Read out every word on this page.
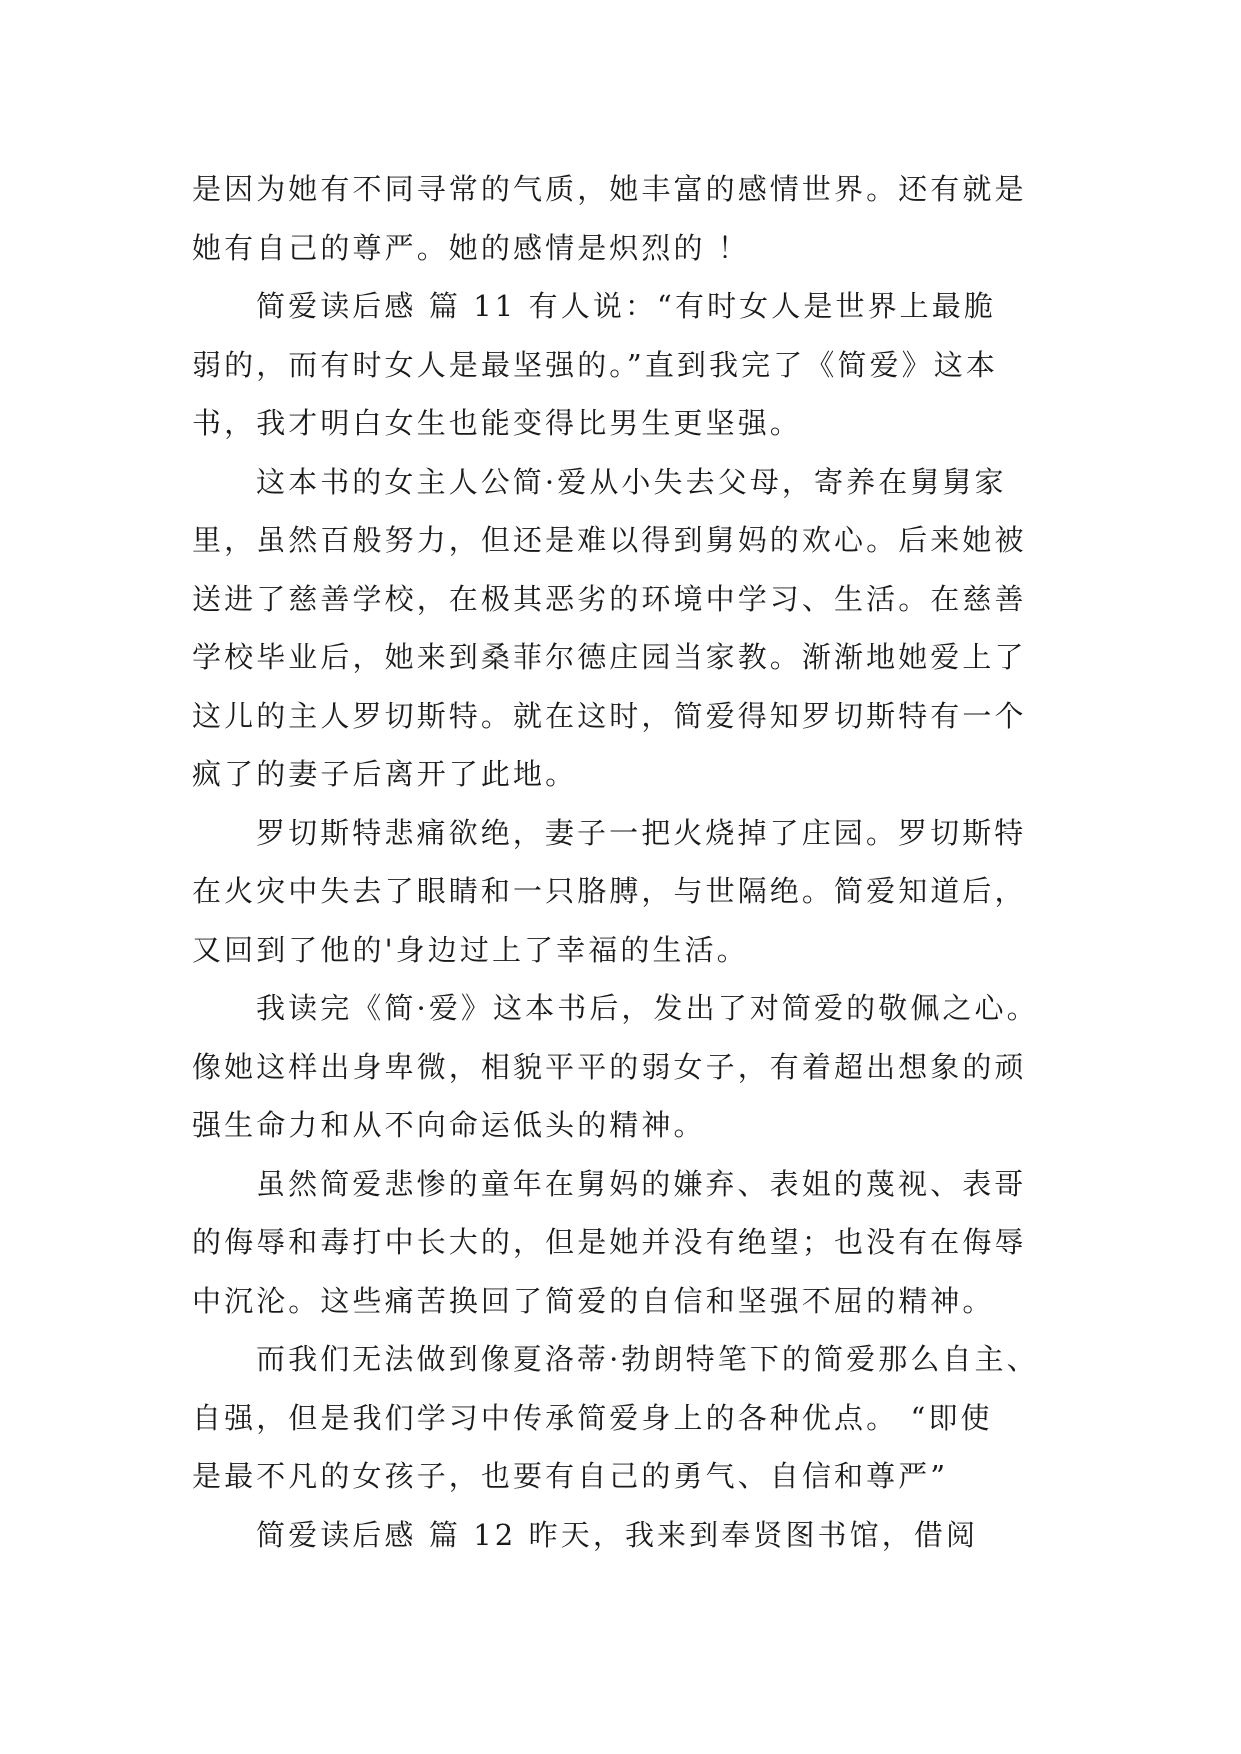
是因为她有不同寻常的气质，她丰富的感情世界。还有就是
她有自己的尊严。她的感情是炽烈的 ！
简爱读后感 篇 11 有人说：“有时女人是世界上最脆
弱的，而有时女人是最坚强的。”直到我完了《简爱》这本
书，我才明白女生也能变得比男生更坚强。
这本书的女主人公简·爱从小失去父母，寄养在舅舅家
里，虽然百般努力，但还是难以得到舅妈的欢心。后来她被
送进了慈善学校，在极其恶劣的环境中学习、生活。在慈善
学校毕业后，她来到桑菲尔德庄园当家教。渐渐地她爱上了
这儿的主人罗切斯特。就在这时，简爱得知罗切斯特有一个
疯了的妻子后离开了此地。
罗切斯特悲痛欲绝，妻子一把火烧掉了庄园。罗切斯特
在火灾中失去了眼睛和一只胳膊，与世隔绝。简爱知道后，
又回到了他的'身边过上了幸福的生活。
我读完《简·爱》这本书后，发出了对简爱的敬佩之心。
像她这样出身卑微，相貌平平的弱女子，有着超出想象的顽
强生命力和从不向命运低头的精神。
虽然简爱悲惨的童年在舅妈的嫌弃、表姐的蔑视、表哥
的侮辱和毒打中长大的，但是她并没有绝望；也没有在侮辱
中沉沦。这些痛苦换回了简爱的自信和坚强不屈的精神。
而我们无法做到像夏洛蒂·勃朗特笔下的简爱那么自主、
自强，但是我们学习中传承简爱身上的各种优点。 “即使
是最不凡的女孩子，也要有自己的勇气、自信和尊严”
简爱读后感 篇 12 昨天，我来到奉贤图书馆，借阅
